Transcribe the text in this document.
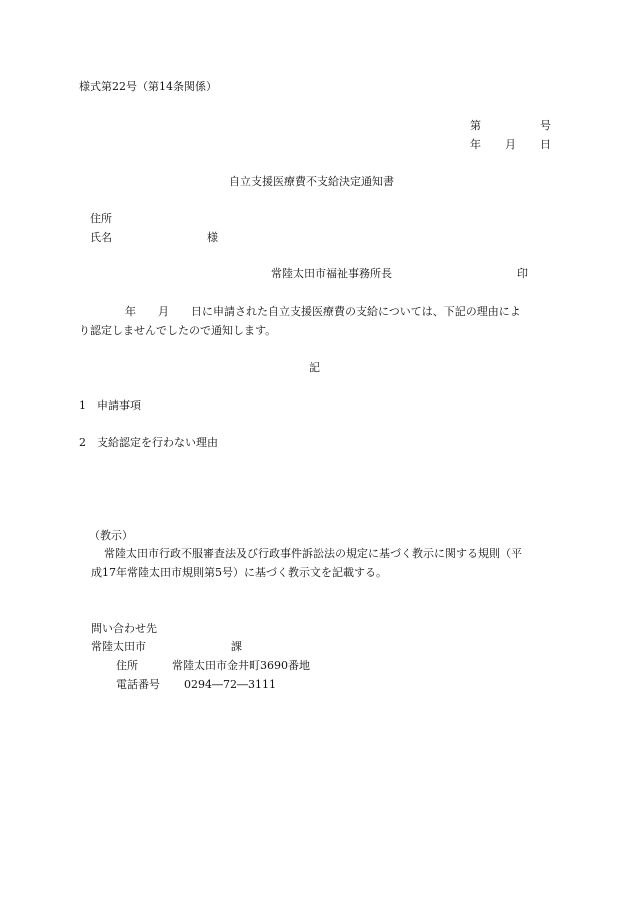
様式第22号（第14条関係）
第	号
年 月 日
自立支援医療費不支給決定通知書
住所
氏名	様
常陸太田市福祉事務所長	印
年　　月　　日に申請された自立支援医療費の支給については、下記の理由によ
り認定しませんでしたので通知します。
記
1 申請事項
2 支給認定を行わない理由
（教示）
常陸太田市行政不服審査法及び行政事件訴訟法の規定に基づく教示に関する規則（平
成17年常陸太田市規則第5号）に基づく教示文を記載する。
問い合わせ先
常陸太田市	課
住所	常陸太田市金井町3690番地
電話番号 0294―72―3111
